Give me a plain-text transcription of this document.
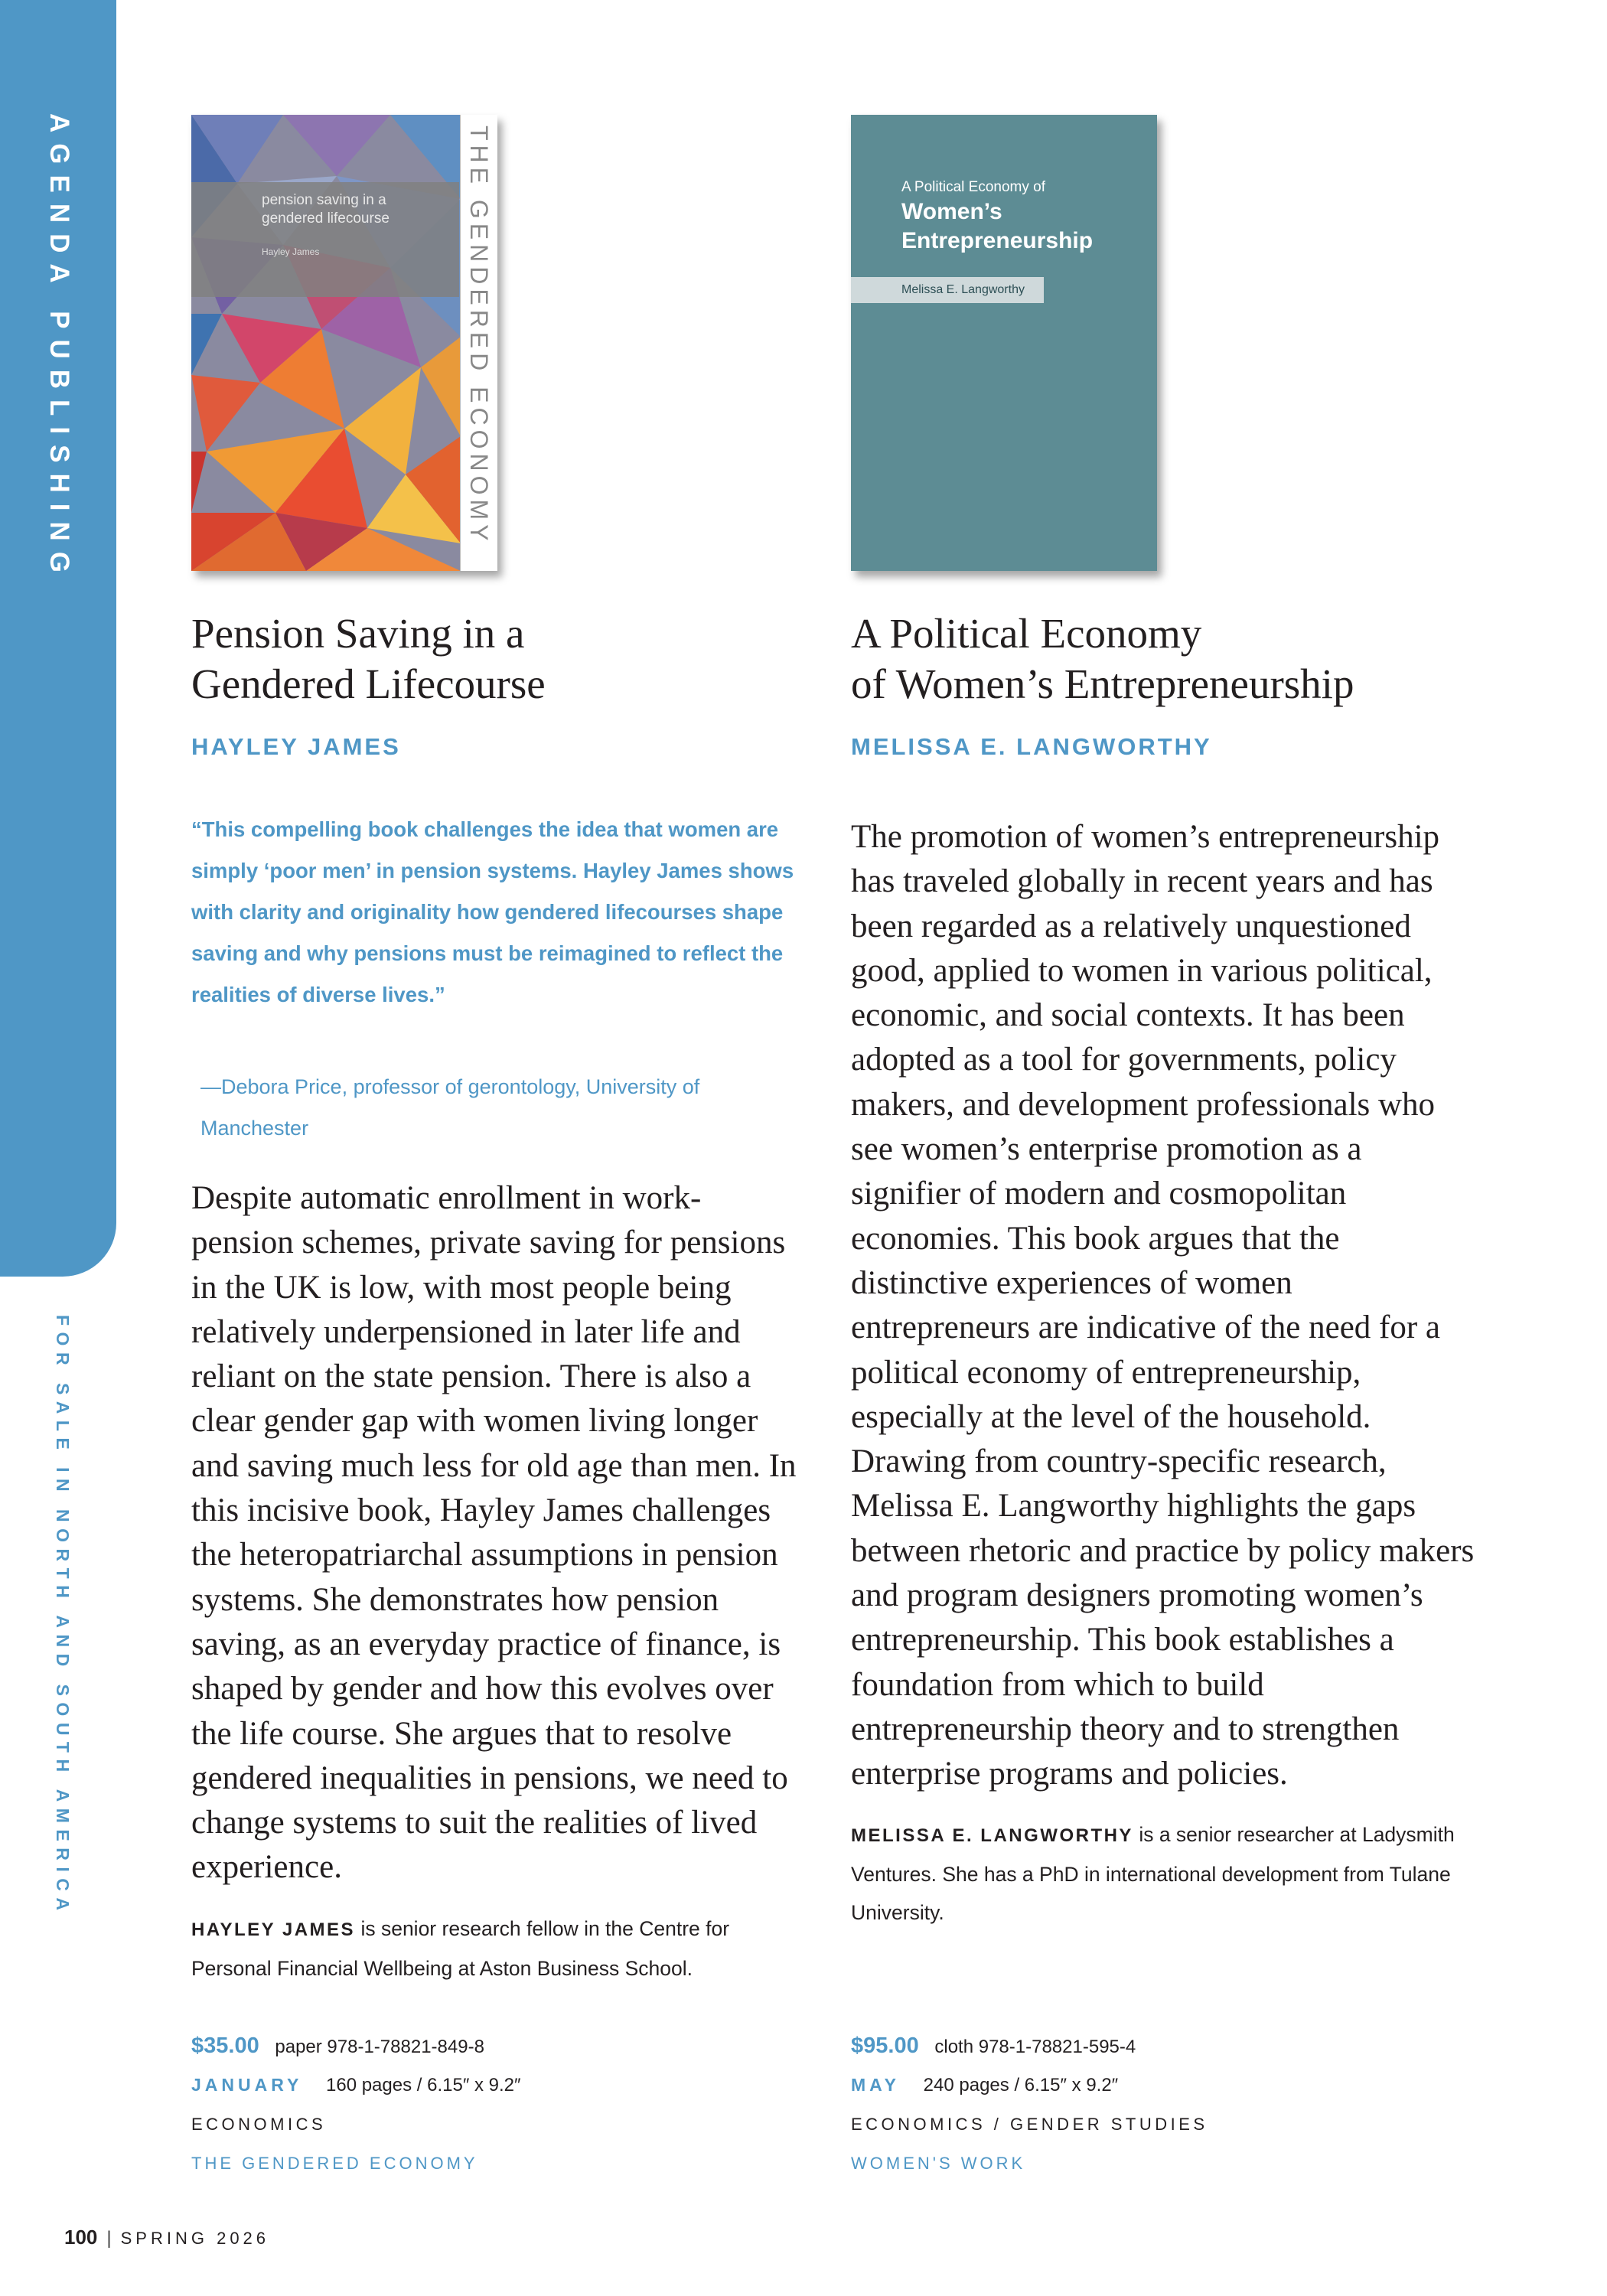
AGENDA PUBLISHING
FOR SALE IN NORTH AND SOUTH AMERICA
pension saving in a gendered lifecourse
Hayley James	THE GENDERED ECONOMY
Pension Saving in a
Gendered Lifecourse
HAYLEY JAMES

“This compelling book challenges the idea that women are simply ‘poor men’ in pension systems. Hayley James shows with clarity and originality how gendered lifecourses shape saving and why pensions must be reimagined to reflect the realities of diverse lives.”

—Debora Price, professor of gerontology, University of Manchester

Despite automatic enrollment in work-pension schemes, private saving for pensions in the UK is low, with most people being relatively underpensioned in later life and reliant on the state pension. There is also a clear gender gap with women living longer and saving much less for old age than men. In this incisive book, Hayley James challenges the heteropatriarchal assumptions in pension systems. She demonstrates how pension saving, as an everyday practice of finance, is shaped by gender and how this evolves over the life course. She argues that to resolve gendered inequalities in pensions, we need to change systems to suit the realities of lived experience.

HAYLEY JAMES is senior research fellow in the Centre for Personal Financial Wellbeing at Aston Business School.

$35.00 paper 978-1-78821-849-8
JANUARY 160 pages / 6.15″ x 9.2″
ECONOMICS
THE GENDERED ECONOMY
A Political Economy of
Women’s Entrepreneurship
Melissa E. Langworthy
A Political Economy
of Women’s Entrepreneurship
MELISSA E. LANGWORTHY

The promotion of women’s entrepreneurship has traveled globally in recent years and has been regarded as a relatively unquestioned good, applied to women in various political, economic, and social contexts. It has been adopted as a tool for governments, policy makers, and development professionals who see women’s enterprise promotion as a signifier of modern and cosmopolitan economies. This book argues that the distinctive experiences of women entrepreneurs are indicative of the need for a political economy of entrepreneurship, especially at the level of the household. Drawing from country-specific research, Melissa E. Langworthy highlights the gaps between rhetoric and practice by policy makers and program designers promoting women’s entrepreneurship. This book establishes a foundation from which to build entrepreneurship theory and to strengthen enterprise programs and policies.

MELISSA E. LANGWORTHY is a senior researcher at Ladysmith Ventures. She has a PhD in international development from Tulane University.

$95.00 cloth 978-1-78821-595-4
MAY 240 pages / 6.15″ x 9.2″
ECONOMICS / GENDER STUDIES
WOMEN'S WORK
100 | SPRING 2026
